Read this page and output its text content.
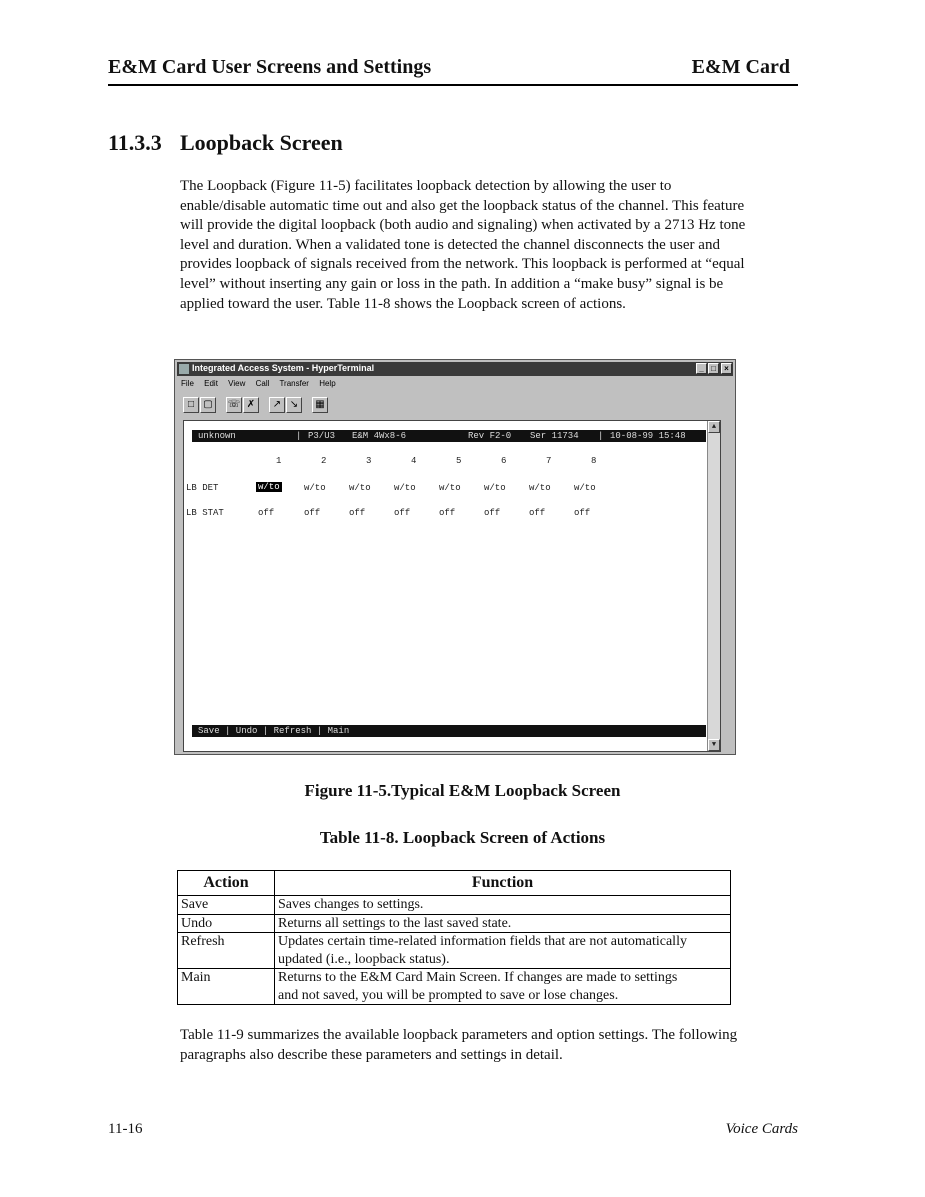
E&M Card User Screens and Settings	E&M Card
11.3.3 Loopback Screen

The Loopback (Figure 11-5) facilitates loopback detection by allowing the user to
enable/disable automatic time out and also get the loopback status of the channel. This feature
will provide the digital loopback (both audio and signaling) when activated by a 2713 Hz tone
level and duration. When a validated tone is detected the channel disconnects the user and
provides loopback of signals received from the network. This loopback is performed at “equal
level” without inserting any gain or loss in the path. In addition a “make busy” signal is be
applied toward the user. Table 11-8 shows the Loopback screen of actions.

Integrated Access System - HyperTerminal	_ □	×
File Edit View Call Transfer Help
□ ▢	☏ ✗	↗ ↘	▦

unknown

	|

P3/U3

E&M 4Wx8-6

	Rev F2-0

Ser 11734

|

10-08-99 15:48

1	2	3	4	5	6	7	8
LB DET	w/to	w/to	w/to	w/to	w/to	w/to	w/to	w/to
LB STAT	off	off	off	off	off	off	off	off

Save | Undo | Refresh | Main

▲
▼
Figure 11-5.Typical E&M Loopback Screen
Table 11-8. Loopback Screen of Actions
Action	Function
Save	Saves changes to settings.
Undo	Returns all settings to the last saved state.
Refresh	Updates certain time-related information fields that are not automatically
updated (i.e., loopback status).
Main	Returns to the E&M Card Main Screen. If changes are made to settings
and not saved, you will be prompted to save or lose changes.

Table 11-9 summarizes the available loopback parameters and option settings. The following
paragraphs also describe these parameters and settings in detail.

11-16	Voice Cards
